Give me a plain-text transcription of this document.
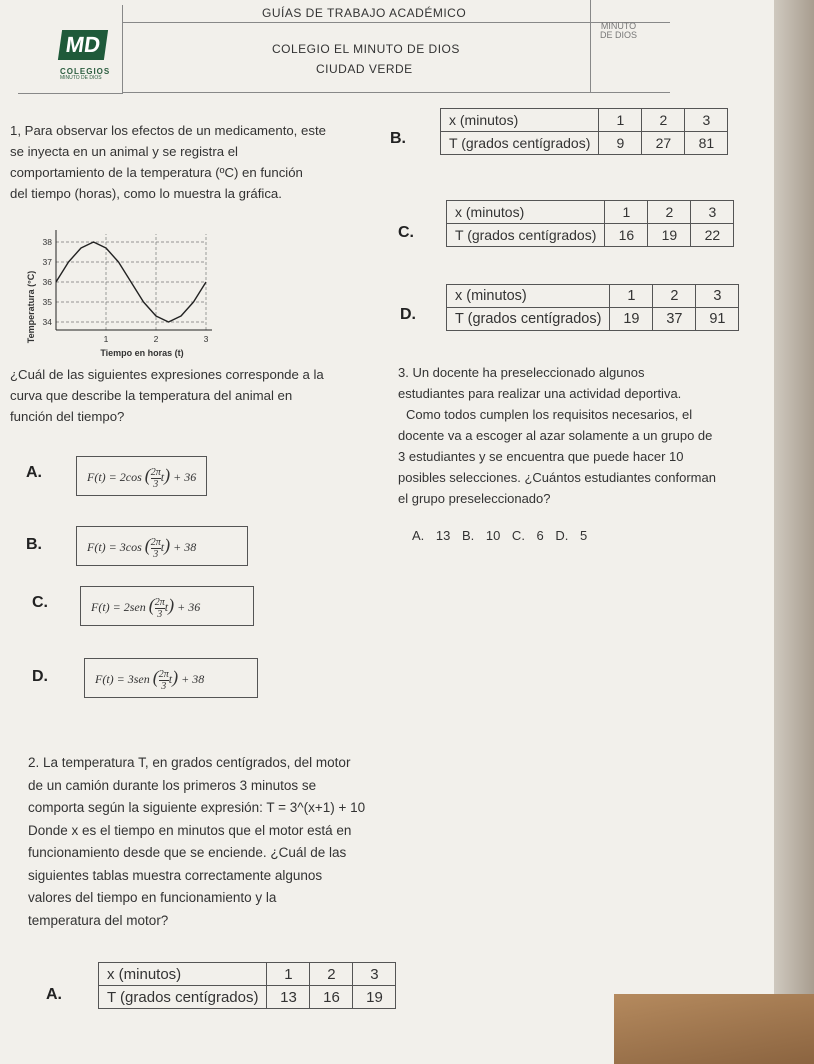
MD
COLEGIOS
MINUTO DE DIOS
GUÍAS DE TRABAJO ACADÉMICO
COLEGIO EL MINUTO DE DIOS
CIUDAD VERDE
MINUTO
DE DIOS
1, Para observar los efectos de un medicamento, este
se inyecta en un animal y se registra el
comportamiento de la temperatura (ºC) en función
del tiempo (horas), como lo muestra la gráfica.
34
35
36
37
38
1	2	3
Temperatura (°C)
Tiempo en horas (t)
¿Cuál de las siguientes expresiones corresponde a la
curva que describe la temperatura del animal en
función del tiempo?
A.	F(t) = 2cos ( $\frac{2\pi}{3} t) + 36$
B.	F(t) = 3cos ( $\frac{2\pi}{3} t) + 38$
C.	F(t) = 2sen ( $\frac{2\pi}{3} t) + 36$
D.	F(t) = 3sen ( $\frac{2\pi}{3} t) + 38$
2. La temperatura T, en grados centígrados, del motor
de un camión durante los primeros 3 minutos se
comporta según la siguiente expresión: T = 3^(x+1) + 10
Donde x es el tiempo en minutos que el motor está en
funcionamiento desde que se enciende. ¿Cuál de las
siguientes tablas muestra correctamente algunos
valores del tiempo en funcionamiento y la
temperatura del motor?
A.
x (minutos)	1	2	3
T (grados centígrados)	13	16	19
B.
x (minutos)	1	2	3
T (grados centígrados)	9	27	81
C.
x (minutos)	1	2	3
T (grados centígrados)	16	19	22
D.
x (minutos)	1	2	3
T (grados centígrados)	19	37	91
3. Un docente ha preseleccionado algunos
estudiantes para realizar una actividad deportiva.
Como todos cumplen los requisitos necesarios, el
docente va a escoger al azar solamente a un grupo de
3 estudiantes y se encuentra que puede hacer 10
posibles selecciones. ¿Cuántos estudiantes conforman
el grupo preseleccionado?
A. 13 B. 10 C. 6 D. 5
